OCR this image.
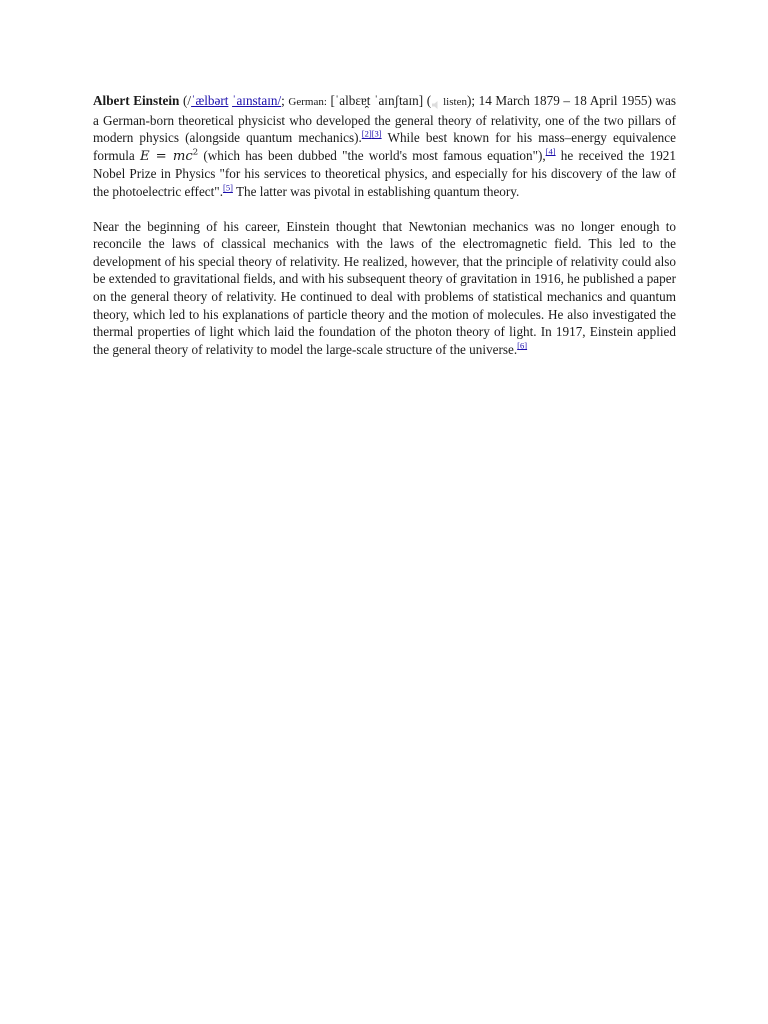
Albert Einstein (/ˈælbərt ˈaɪnstaɪn/; German: [ˈalbɛɐ̯t ˈaɪnʃtaɪn] ( listen); 14 March 1879 – 18 April 1955) was a German-born theoretical physicist who developed the general theory of relativity, one of the two pillars of modern physics (alongside quantum mechanics).[2][3] While best known for his mass–energy equivalence formula $E = mc^2$ (which has been dubbed "the world's most famous equation"),[4] he received the 1921 Nobel Prize in Physics "for his services to theoretical physics, and especially for his discovery of the law of the photoelectric effect".[5] The latter was pivotal in establishing quantum theory.

Near the beginning of his career, Einstein thought that Newtonian mechanics was no longer enough to reconcile the laws of classical mechanics with the laws of the electromagnetic field. This led to the development of his special theory of relativity. He realized, however, that the principle of relativity could also be extended to gravitational fields, and with his subsequent theory of gravitation in 1916, he published a paper on the general theory of relativity. He continued to deal with problems of statistical mechanics and quantum theory, which led to his explanations of particle theory and the motion of molecules. He also investigated the thermal properties of light which laid the foundation of the photon theory of light. In 1917, Einstein applied the general theory of relativity to model the large-scale structure of the universe.[6]
